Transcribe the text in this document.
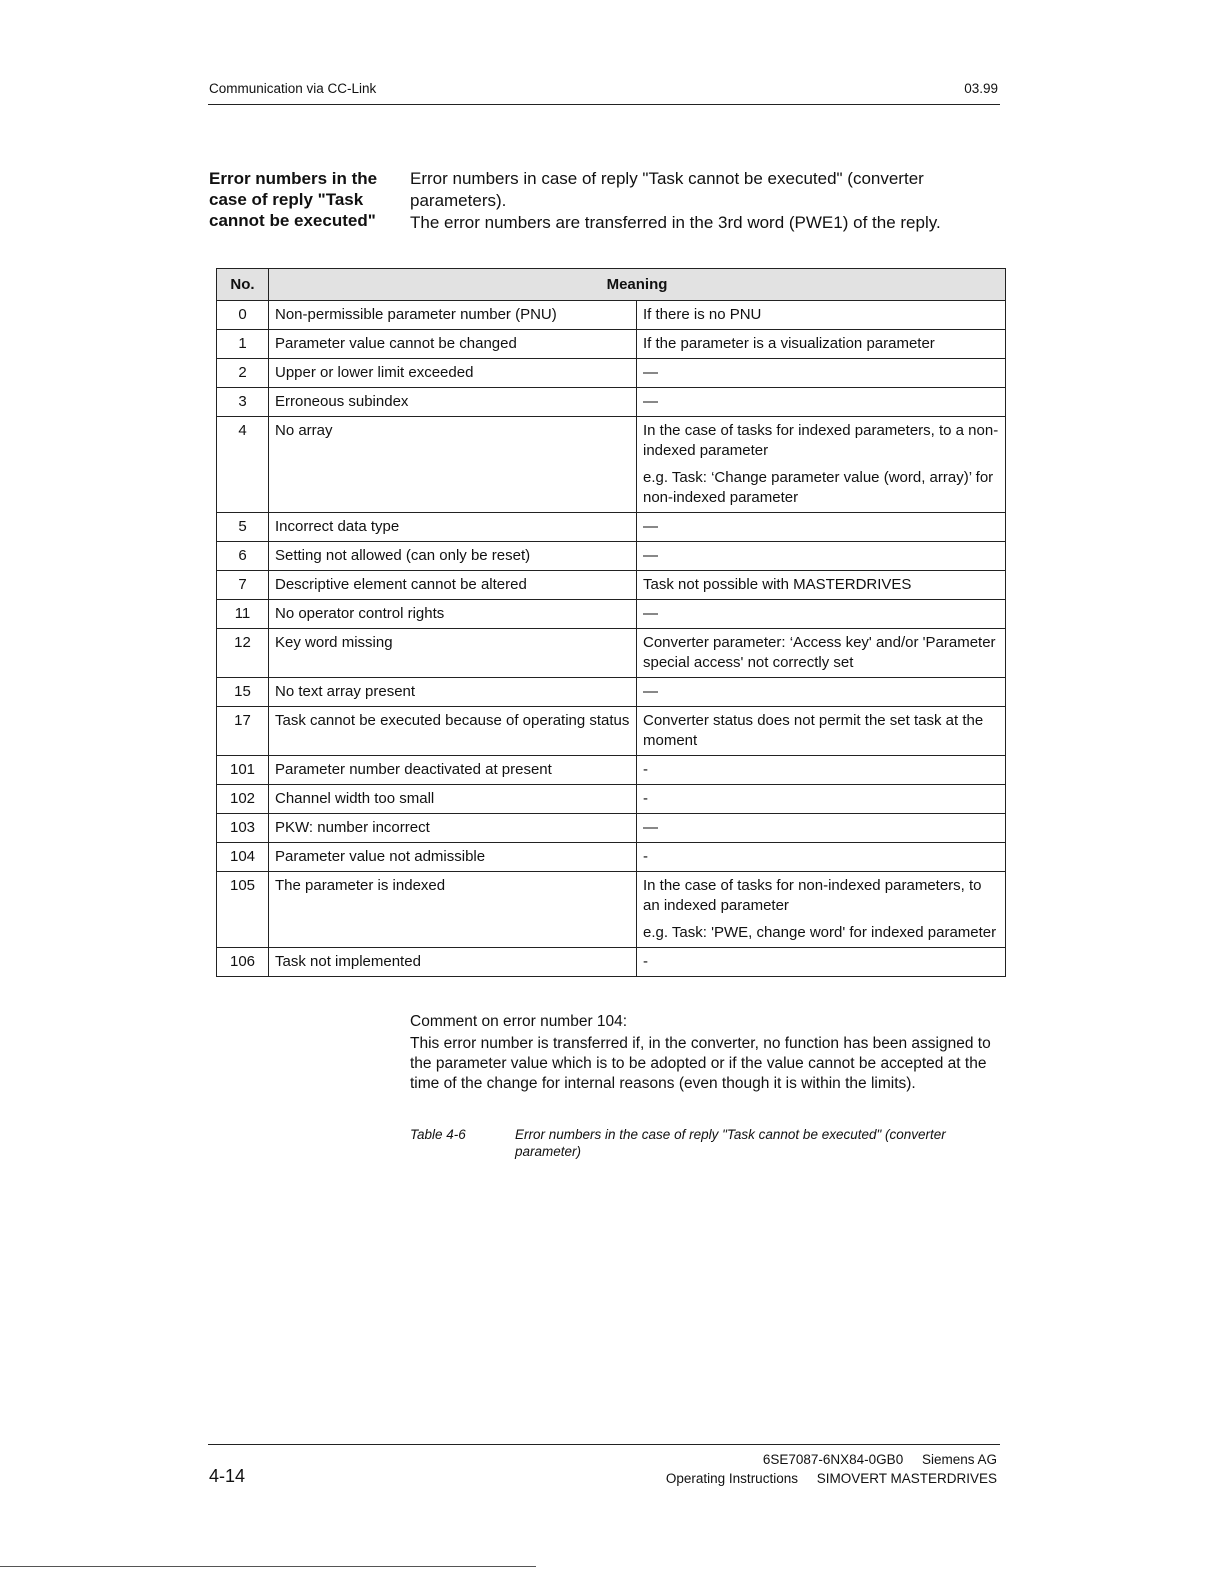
Communication via CC-Link	03.99
Error numbers in the case of reply "Task cannot be executed"
Error numbers in case of reply "Task cannot be executed" (converter parameters).
The error numbers are transferred in the 3rd word (PWE1) of the reply.
No.	Meaning	
0	Non-permissible parameter number (PNU)	If there is no PNU

1	Parameter value cannot be changed	If the parameter is a visualization parameter

2	Upper or lower limit exceeded	—

3	Erroneous subindex	—

4	No array	In the case of tasks for indexed parameters, to a non-indexed parameter
e.g. Task: ‘Change parameter value (word, array)’ for non-indexed parameter

5	Incorrect data type	—

6	Setting not allowed (can only be reset)	—

7	Descriptive element cannot be altered	Task not possible with MASTERDRIVES

11	No operator control rights	—

12	Key word missing	Converter parameter: ‘Access key' and/or 'Parameter special access' not correctly set

15	No text array present	—

17	Task cannot be executed because of operating status	Converter status does not permit the set task at the moment

101	Parameter number deactivated at present	-

102	Channel width too small	-

103	PKW: number incorrect	—

104	Parameter value not admissible	-

105	The parameter is indexed	In the case of tasks for non-indexed parameters, to an indexed parameter
e.g. Task: 'PWE, change word' for indexed parameter

106	Task not implemented	-
Comment on error number 104:
This error number is transferred if, in the converter, no function has been assigned to the parameter value which is to be adopted or if the value cannot be accepted at the time of the change for internal reasons (even though it is within the limits).
Table 4-6	Error numbers in the case of reply "Task cannot be executed" (converter parameter)
4-14
6SE7087-6NX84-0GB0     Siemens AG
Operating Instructions     SIMOVERT MASTERDRIVES
